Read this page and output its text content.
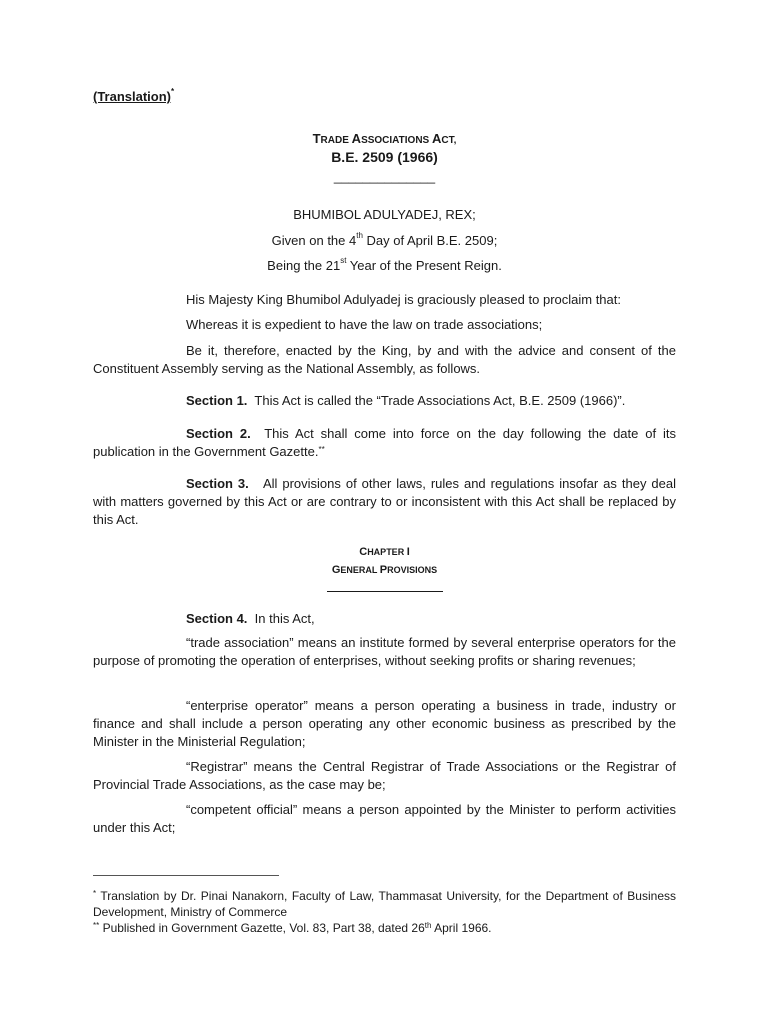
(Translation)*
TRADE ASSOCIATIONS ACT,
B.E. 2509 (1966)
______________
BHUMIBOL ADULYADEJ, REX;
Given on the 4th Day of April B.E. 2509;
Being the 21st Year of the Present Reign.
His Majesty King Bhumibol Adulyadej is graciously pleased to proclaim that:
Whereas it is expedient to have the law on trade associations;
Be it, therefore, enacted by the King, by and with the advice and consent of the Constituent Assembly serving as the National Assembly, as follows.
Section 1. This Act is called the “Trade Associations Act, B.E. 2509 (1966)”.
Section 2. This Act shall come into force on the day following the date of its publication in the Government Gazette.**
Section 3. All provisions of other laws, rules and regulations insofar as they deal with matters governed by this Act or are contrary to or inconsistent with this Act shall be replaced by this Act.
CHAPTER I
GENERAL PROVISIONS
Section 4. In this Act,
“trade association” means an institute formed by several enterprise operators for the purpose of promoting the operation of enterprises, without seeking profits or sharing revenues;
“enterprise operator” means a person operating a business in trade, industry or finance and shall include a person operating any other economic business as prescribed by the Minister in the Ministerial Regulation;
“Registrar” means the Central Registrar of Trade Associations or the Registrar of Provincial Trade Associations, as the case may be;
“competent official” means a person appointed by the Minister to perform activities under this Act;
* Translation by Dr. Pinai Nanakorn, Faculty of Law, Thammasat University, for the Department of Business Development, Ministry of Commerce
** Published in Government Gazette, Vol. 83, Part 38, dated 26th April 1966.
